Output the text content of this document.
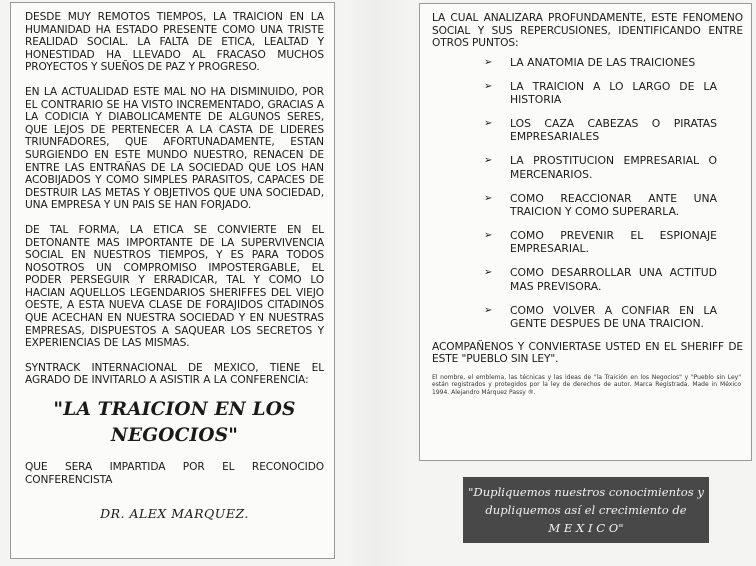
DESDE MUY REMOTOS TIEMPOS, LA TRAICION EN LA HUMANIDAD HA ESTADO PRESENTE COMO UNA TRISTE REALIDAD SOCIAL. LA FALTA DE ETICA, LEALTAD Y HONESTIDAD HA LLEVADO AL FRACASO MUCHOS PROYECTOS Y SUEÑOS DE PAZ Y PROGRESO.

EN LA ACTUALIDAD ESTE MAL NO HA DISMINUIDO, POR EL CONTRARIO SE HA VISTO INCREMENTADO, GRACIAS A LA CODICIA Y DIABOLICAMENTE DE ALGUNOS SERES, QUE LEJOS DE PERTENECER A LA CASTA DE LIDERES TRIUNFADORES, QUE AFORTUNADAMENTE, ESTAN SURGIENDO EN ESTE MUNDO NUESTRO, RENACEN DE ENTRE LAS ENTRAÑAS DE LA SOCIEDAD QUE LOS HAN ACOBIJADOS Y COMO SIMPLES PARASITOS, CAPACES DE DESTRUIR LAS METAS Y OBJETIVOS QUE UNA SOCIEDAD, UNA EMPRESA Y UN PAIS SE HAN FORJADO.

DE TAL FORMA, LA ETICA SE CONVIERTE EN EL DETONANTE MAS IMPORTANTE DE LA SUPERVIVENCIA SOCIAL EN NUESTROS TIEMPOS, Y ES PARA TODOS NOSOTROS UN COMPROMISO IMPOSTERGABLE, EL PODER PERSEGUIR Y ERRADICAR, TAL Y COMO LO HACIAN AQUELLOS LEGENDARIOS SHERIFFES DEL VIEJO OESTE, A ESTA NUEVA CLASE DE FORAJIDOS CITADINOS QUE ACECHAN EN NUESTRA SOCIEDAD Y EN NUESTRAS EMPRESAS, DISPUESTOS A SAQUEAR LOS SECRETOS Y EXPERIENCIAS DE LAS MISMAS.

SYNTRACK INTERNACIONAL DE MEXICO, TIENE EL AGRADO DE INVITARLO A ASISTIR A LA CONFERENCIA:

"LA TRAICION EN LOS NEGOCIOS"

QUE SERA IMPARTIDA POR EL RECONOCIDO CONFERENCISTA

DR. ALEX MARQUEZ.

LA CUAL ANALIZARA PROFUNDAMENTE, ESTE FENOMENO SOCIAL Y SUS REPERCUSIONES, IDENTIFICANDO ENTRE OTROS PUNTOS:

➢	LA ANATOMIA DE LAS TRAICIONES
➢	LA TRAICION A LO LARGO DE LA HISTORIA
➢	LOS CAZA CABEZAS O PIRATAS EMPRESARIALES
➢	LA PROSTITUCION EMPRESARIAL O MERCENARIOS.
➢	COMO REACCIONAR ANTE UNA TRAICION Y COMO SUPERARLA.
➢	COMO PREVENIR EL ESPIONAJE EMPRESARIAL.
➢	COMO DESARROLLAR UNA ACTITUD MAS PREVISORA.
➢	COMO VOLVER A CONFIAR EN LA GENTE DESPUES DE UNA TRAICION.

ACOMPAÑENOS Y CONVIERTASE USTED EN EL SHERIFF DE ESTE "PUEBLO SIN LEY".

El nombre, el emblema, las técnicas y las ideas de "la Traición en los Negocios" y "Pueblo sin Ley" están registrados y protegidos por la ley de derechos de autor. Marca Registrada. Made in México 1994. Alejandro Márquez Passy ®.

"Dupliquemos nuestros conocimientos y
dupliquemos así el crecimiento de
M E X I C O"
